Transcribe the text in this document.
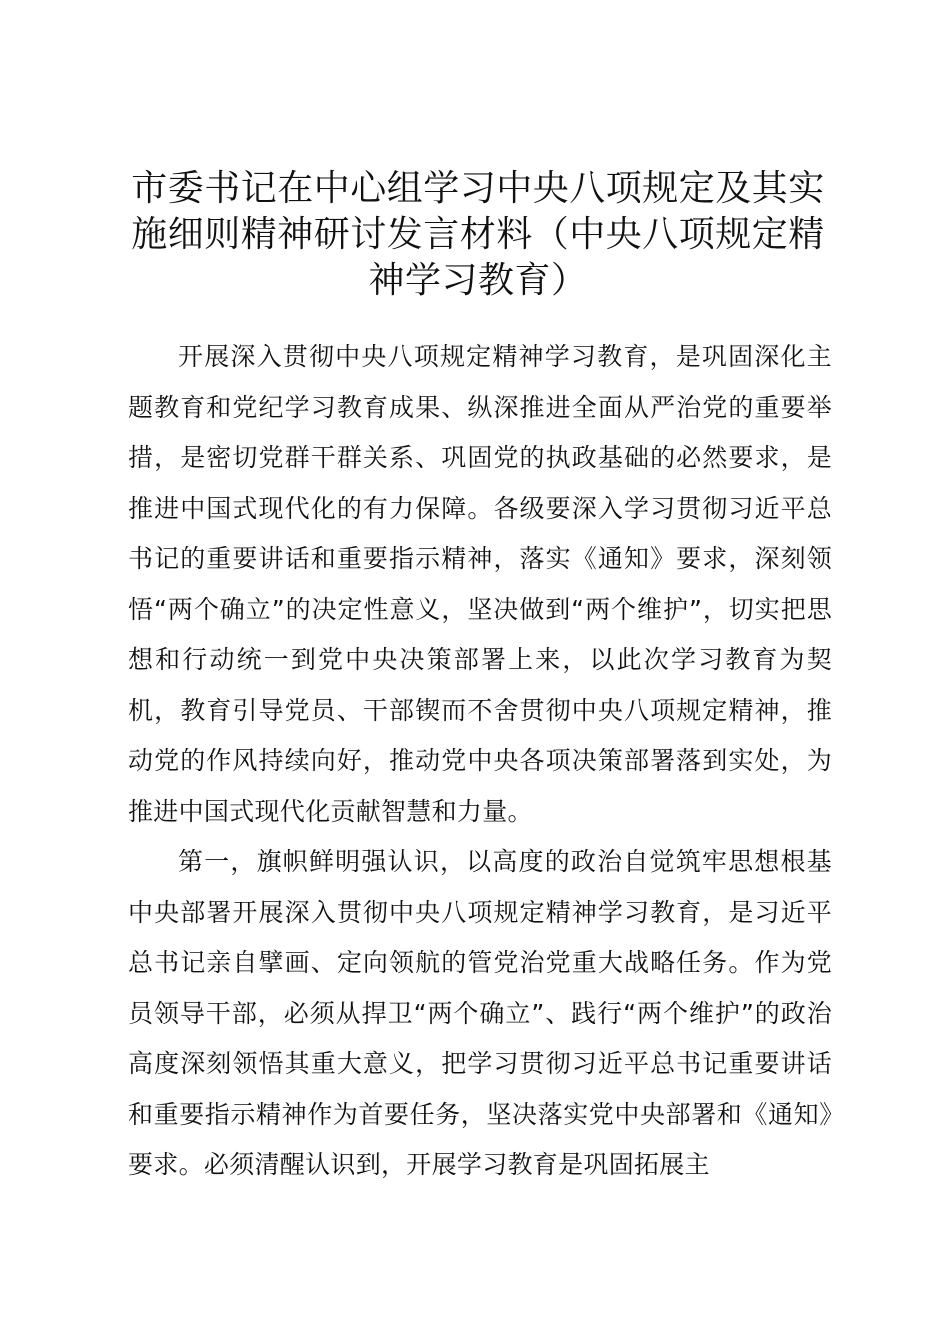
市委书记在中心组学习中央八项规定及其实施细则精神研讨发言材料（中央八项规定精神学习教育）

开展深入贯彻中央八项规定精神学习教育，是巩固深化主题教育和党纪学习教育成果、纵深推进全面从严治党的重要举措，是密切党群干群关系、巩固党的执政基础的必然要求，是推进中国式现代化的有力保障。各级要深入学习贯彻习近平总书记的重要讲话和重要指示精神，落实《通知》要求，深刻领悟“两个确立”的决定性意义，坚决做到“两个维护”，切实把思想和行动统一到党中央决策部署上来，以此次学习教育为契机，教育引导党员、干部锲而不舍贯彻中央八项规定精神，推动党的作风持续向好，推动党中央各项决策部署落到实处，为推进中国式现代化贡献智慧和力量。

第一，旗帜鲜明强认识，以高度的政治自觉筑牢思想根基中央部署开展深入贯彻中央八项规定精神学习教育，是习近平总书记亲自擘画、定向领航的管党治党重大战略任务。作为党员领导干部，必须从捍卫“两个确立”、践行“两个维护”的政治高度深刻领悟其重大意义，把学习贯彻习近平总书记重要讲话和重要指示精神作为首要任务，坚决落实党中央部署和《通知》要求。必须清醒认识到，开展学习教育是巩固拓展主
